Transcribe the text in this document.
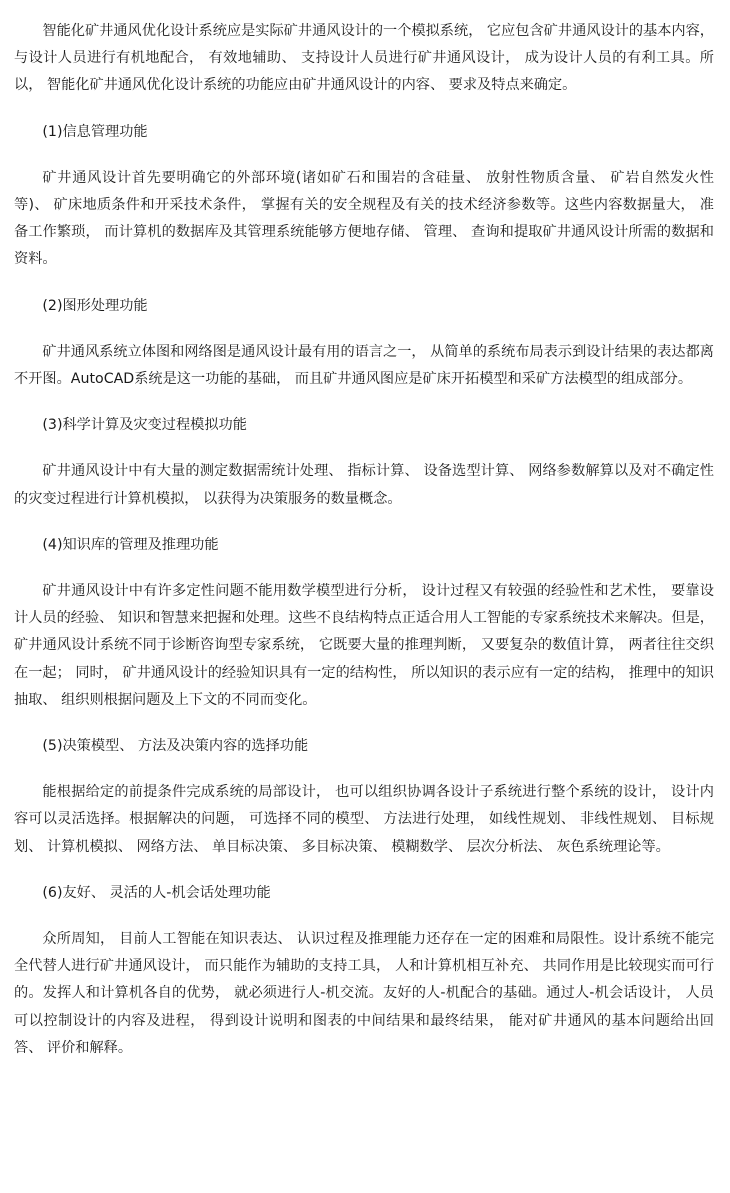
智能化矿井通风优化设计系统应是实际矿井通风设计的一个模拟系统， 它应包含矿井通风设计的基本内容， 与设计人员进行有机地配合， 有效地辅助、 支持设计人员进行矿井通风设计， 成为设计人员的有利工具。所以， 智能化矿井通风优化设计系统的功能应由矿井通风设计的内容、 要求及特点来确定。

(1)信息管理功能

矿井通风设计首先要明确它的外部环境(诸如矿石和围岩的含硅量、 放射性物质含量、 矿岩自然发火性等)、 矿床地质条件和开采技术条件， 掌握有关的安全规程及有关的技术经济参数等。这些内容数据量大， 准备工作繁琐， 而计算机的数据库及其管理系统能够方便地存储、 管理、 查询和提取矿井通风设计所需的数据和资料。

(2)图形处理功能

矿井通风系统立体图和网络图是通风设计最有用的语言之一， 从简单的系统布局表示到设计结果的表达都离不开图。AutoCAD系统是这一功能的基础， 而且矿井通风图应是矿床开拓模型和采矿方法模型的组成部分。

(3)科学计算及灾变过程模拟功能

矿井通风设计中有大量的测定数据需统计处理、 指标计算、 设备选型计算、 网络参数解算以及对不确定性的灾变过程进行计算机模拟， 以获得为决策服务的数量概念。

(4)知识库的管理及推理功能

矿井通风设计中有许多定性问题不能用数学模型进行分析， 设计过程又有较强的经验性和艺术性， 要靠设计人员的经验、 知识和智慧来把握和处理。这些不良结构特点正适合用人工智能的专家系统技术来解决。但是， 矿井通风设计系统不同于诊断咨询型专家系统， 它既要大量的推理判断， 又要复杂的数值计算， 两者往往交织在一起； 同时， 矿井通风设计的经验知识具有一定的结构性， 所以知识的表示应有一定的结构， 推理中的知识抽取、 组织则根据问题及上下文的不同而变化。

(5)决策模型、 方法及决策内容的选择功能

能根据给定的前提条件完成系统的局部设计， 也可以组织协调各设计子系统进行整个系统的设计， 设计内容可以灵活选择。根据解决的问题， 可选择不同的模型、 方法进行处理， 如线性规划、 非线性规划、 目标规划、 计算机模拟、 网络方法、 单目标决策、 多目标决策、 模糊数学、 层次分析法、 灰色系统理论等。

(6)友好、 灵活的人-机会话处理功能

众所周知， 目前人工智能在知识表达、 认识过程及推理能力还存在一定的困难和局限性。设计系统不能完全代替人进行矿井通风设计， 而只能作为辅助的支持工具， 人和计算机相互补充、 共同作用是比较现实而可行的。发挥人和计算机各自的优势， 就必须进行人-机交流。友好的人-机配合的基础。通过人-机会话设计， 人员可以控制设计的内容及进程， 得到设计说明和图表的中间结果和最终结果， 能对矿井通风的基本问题给出回答、 评价和解释。
